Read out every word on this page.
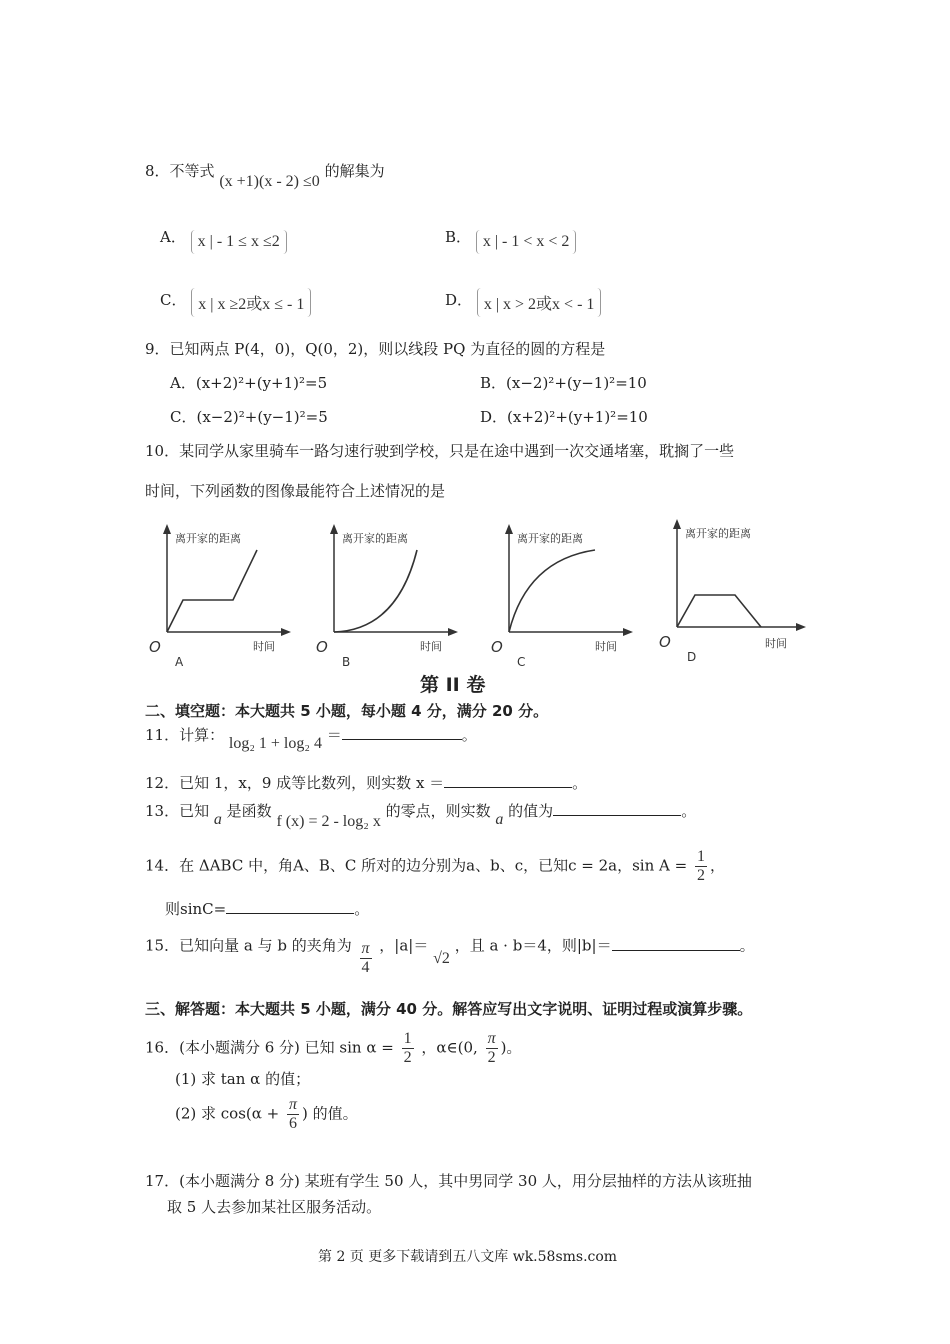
8．不等式 (x +1)(x - 2) ≤0 的解集为
A． x | - 1 ≤ x ≤2	B． x | - 1 < x < 2
C． x | x ≥2或x ≤ - 1	D． x | x > 2或x < - 1
9．已知两点 P(4，0)，Q(0，2)，则以线段 PQ 为直径的圆的方程是
A．(x+2)²+(y+1)²=5	B．(x−2)²+(y−1)²=10
C．(x−2)²+(y−1)²=5	D．(x+2)²+(y+1)²=10
10．某同学从家里骑车一路匀速行驶到学校，只是在途中遇到一次交通堵塞，耽搁了一些
时间，下列函数的图像最能符合上述情况的是
离开家的距离
时间
O
A
离开家的距离
时间
O
B
离开家的距离
时间
O
C
离开家的距离
时间
O
D
第 II 卷
二、填空题：本大题共 5 小题，每小题 4 分，满分 20 分。
11．计算： log₂ 1 + log₂ 4 ＝	。
12．已知 1，x，9 成等比数列，则实数 x ＝	。
13．已知 a 是函数 f (x) = 2 - log₂ x 的零点，则实数 a 的值为	。
14．在 ΔABC 中，角A、B、C 所对的边分别为a、b、c，已知c = 2a，$\sin A = \frac{1}{2}$ ，
则sinC=	。
15．已知向量 a 与 b 的夹角为 $\frac{\pi}{4}$ ，|a|＝ √2 ，且 a · b＝4，则|b|＝	。
三、解答题：本大题共 5 小题，满分 40 分。解答应写出文字说明、证明过程或演算步骤。
16．(本小题满分 6 分) 已知 $\sin \alpha = \frac{1}{2}$ ，α∈(0, $\frac{\pi}{2}$ )。
(1) 求 tan α 的值；
(2) 求 $\cos(\alpha + \frac{\pi}{6}$ ) 的值。
17．(本小题满分 8 分) 某班有学生 50 人，其中男同学 30 人，用分层抽样的方法从该班抽
取 5 人去参加某社区服务活动。
第 2 页 更多下载请到五八文库 wk.58sms.com
